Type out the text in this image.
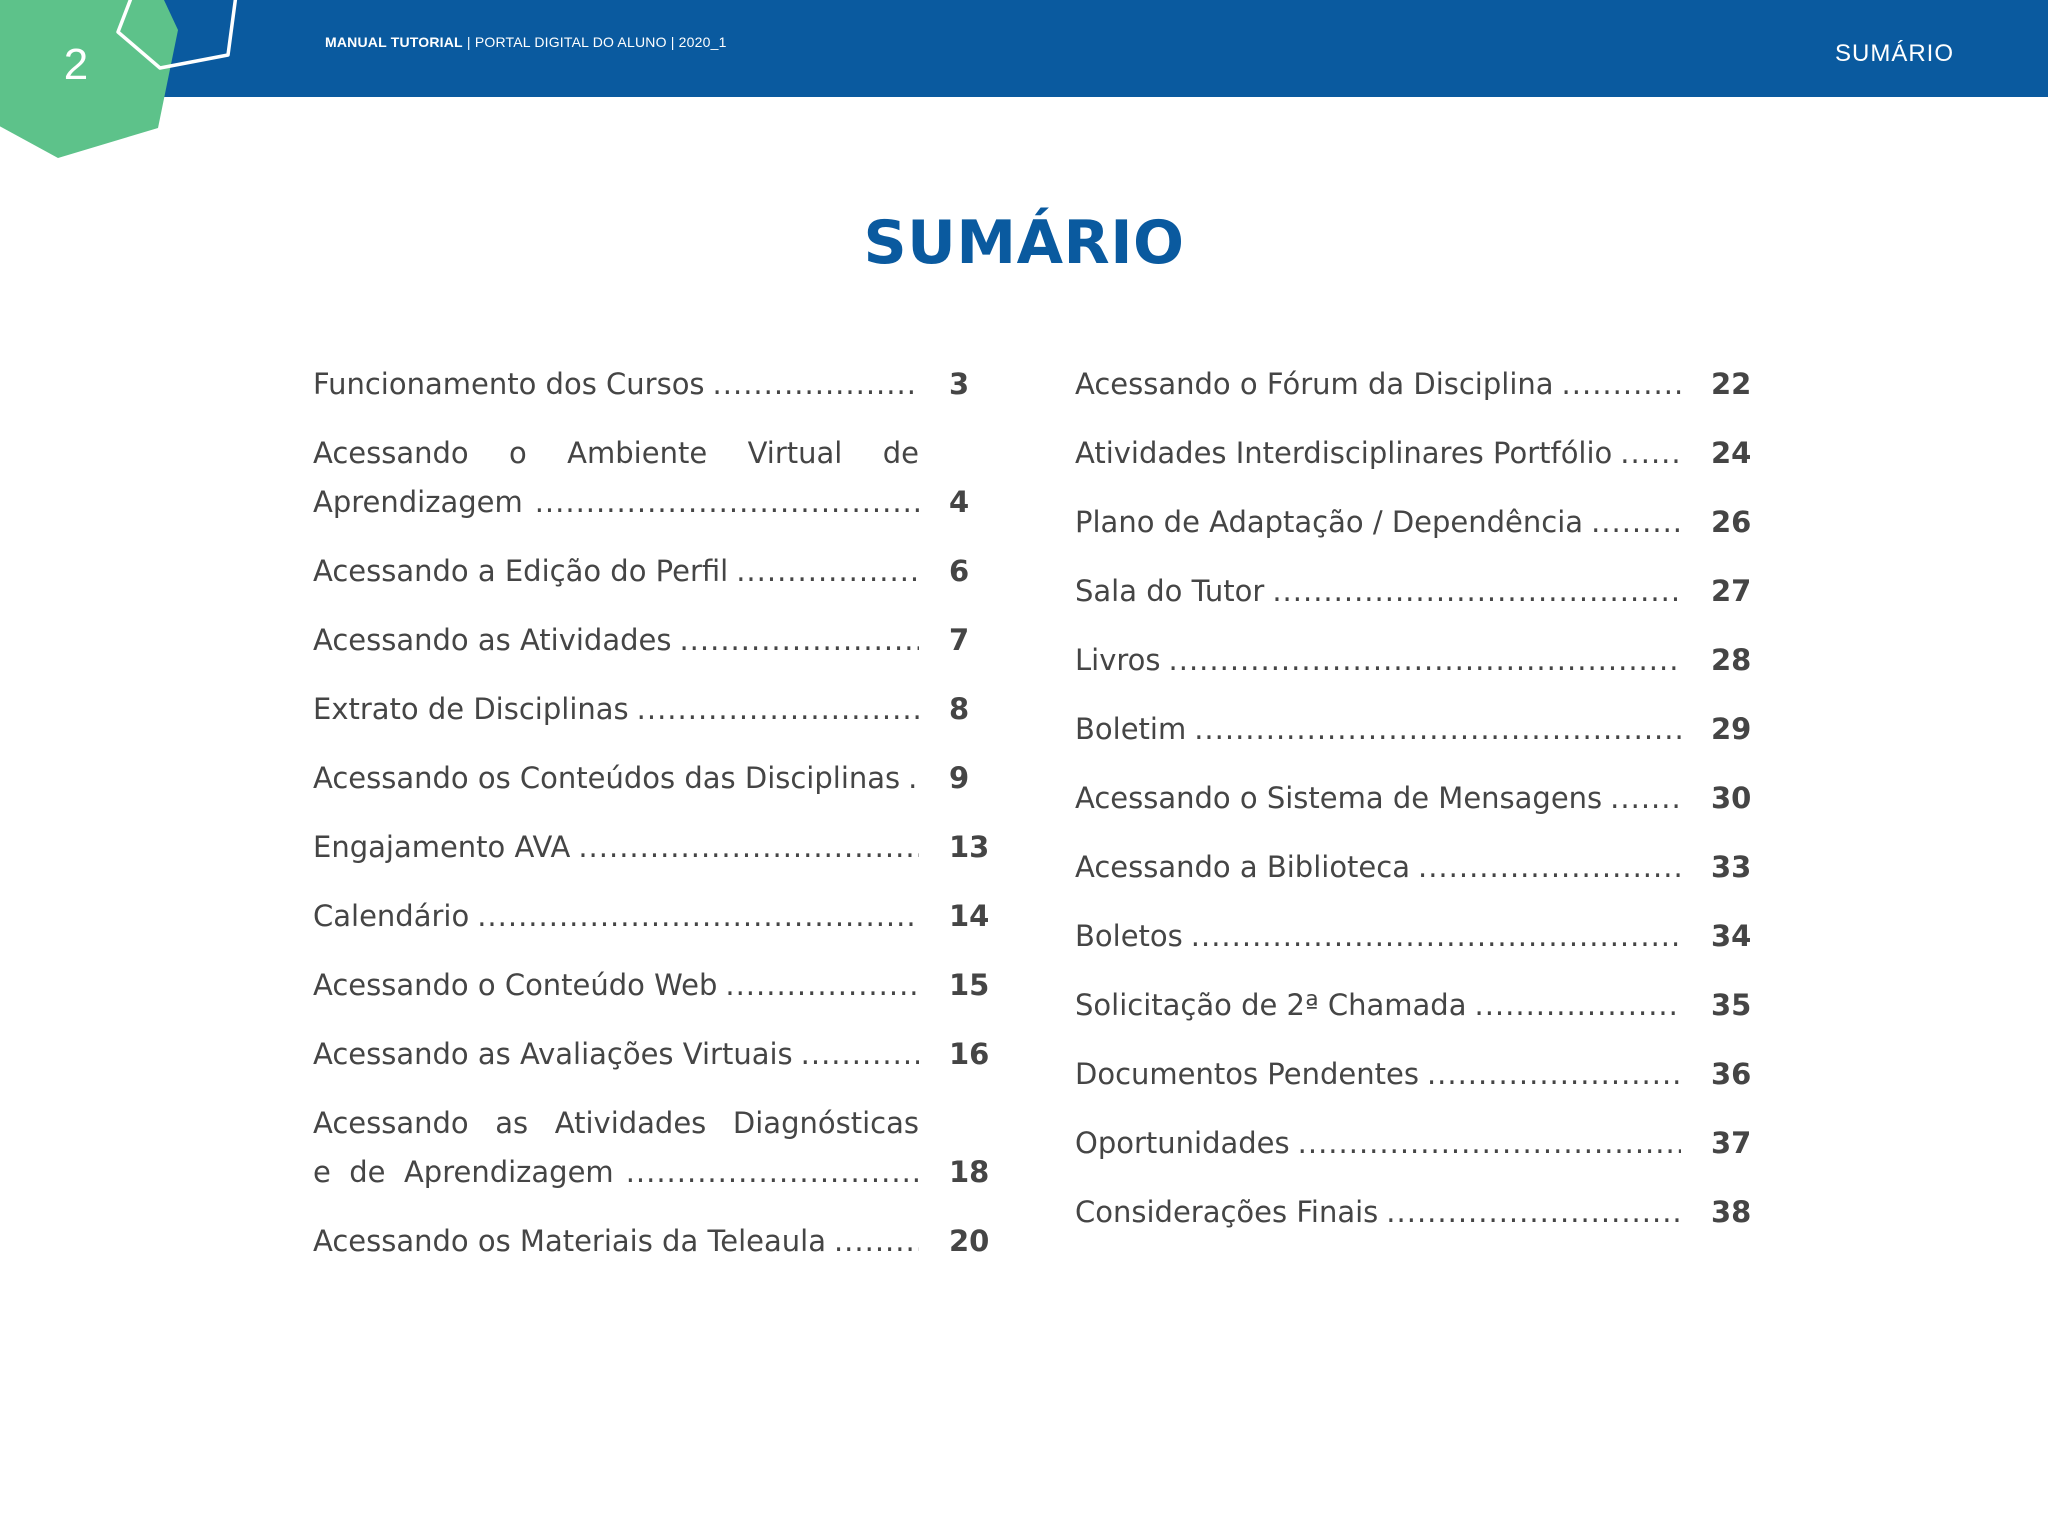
MANUAL TUTORIAL | PORTAL DIGITAL DO ALUNO | 2020_1	SUMÁRIO
2
SUMÁRIO
Funcionamento dos Cursos .....	3
Acessando o Ambiente Virtual de
Aprendizagem .....	4
Acessando a Edição do Perfil .....	6
Acessando as Atividades .....	7
Extrato de Disciplinas .....	8
Acessando os Conteúdos das Disciplinas ..... 9
Engajamento AVA .....	13
Calendário .....	14
Acessando o Conteúdo Web .....	15
Acessando as Avaliações Virtuais .....	16
Acessando as Atividades Diagnósticas
e  de  Aprendizagem .....	18
Acessando os Materiais da Teleaula .....	20
Acessando o Fórum da Disciplina .....	22
Atividades Interdisciplinares Portfólio .....	24
Plano de Adaptação / Dependência .....	26
Sala do Tutor .....	27
Livros .....	28
Boletim .....	29
Acessando o Sistema de Mensagens .....	30
Acessando a Biblioteca .....	33
Boletos .....	34
Solicitação de 2ª Chamada .....	35
Documentos Pendentes .....	36
Oportunidades .....	37
Considerações Finais .....	38
